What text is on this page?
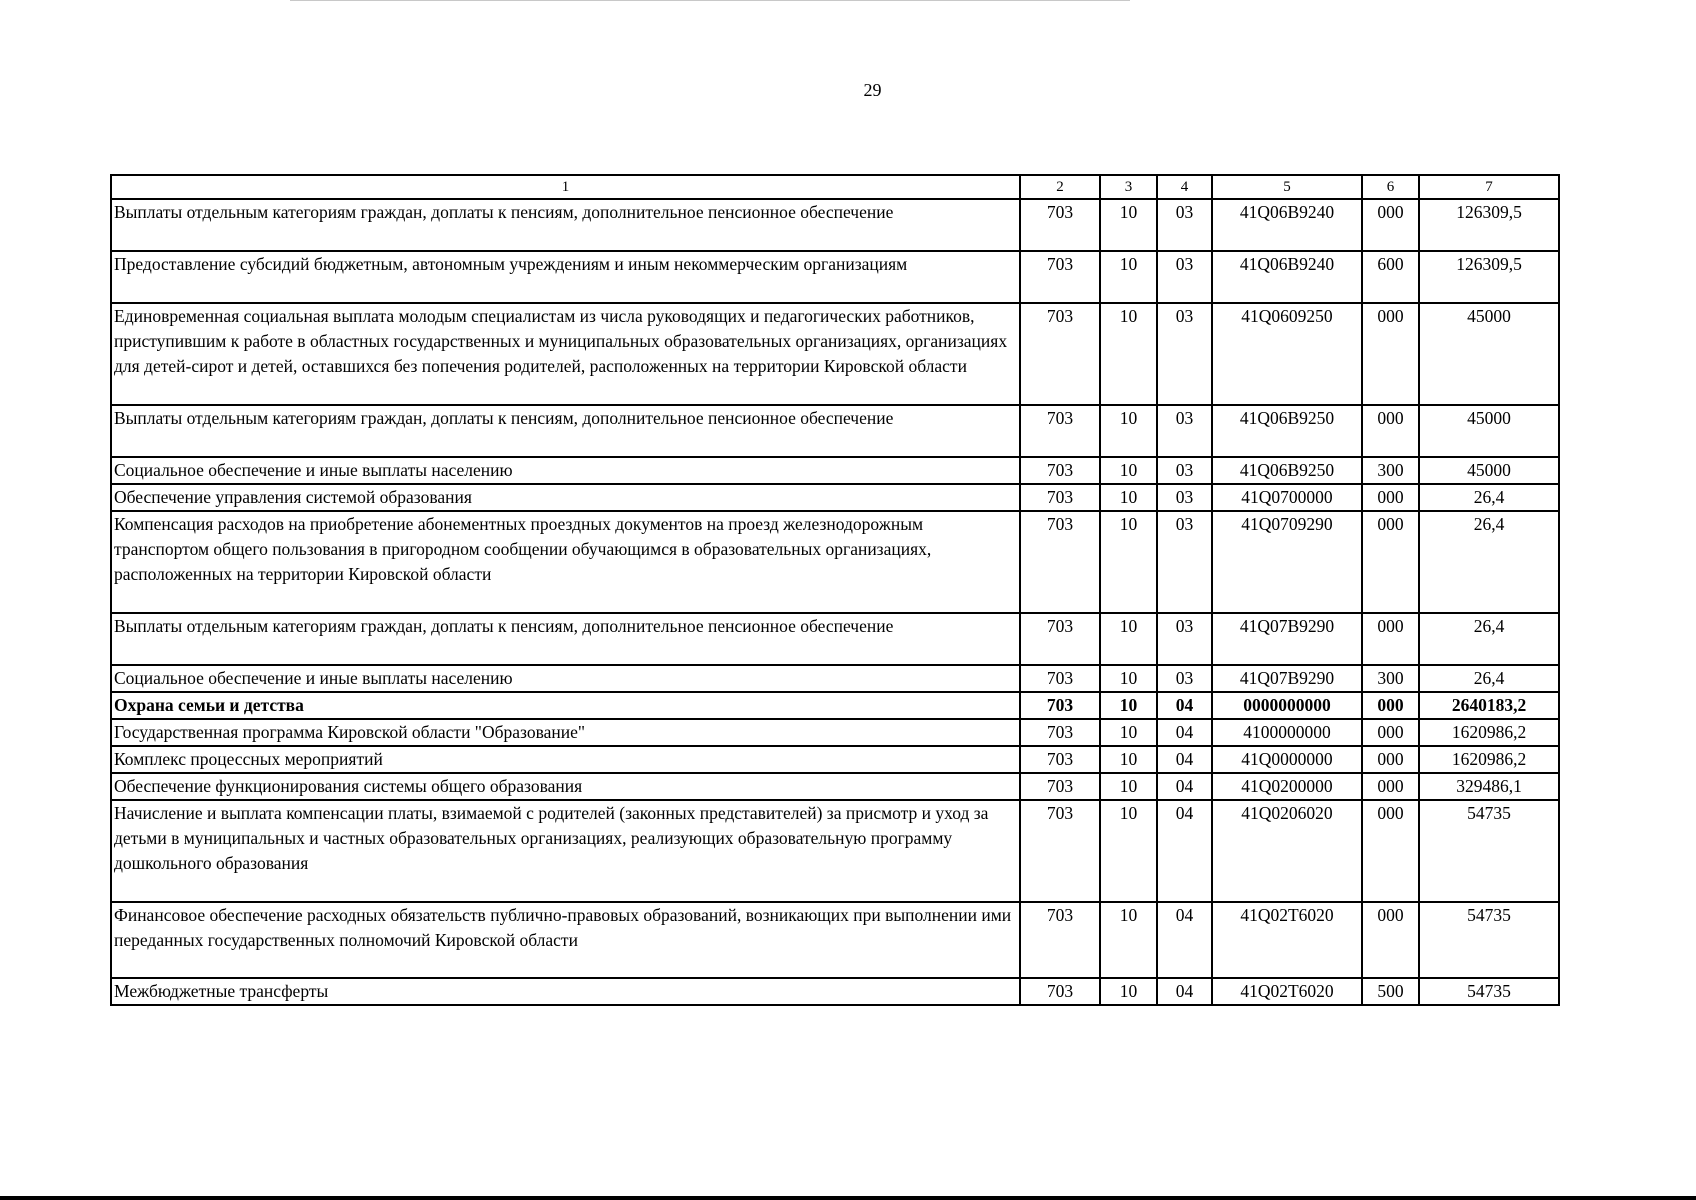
29
1	2	3	4	5	6	7
Выплаты отдельным категориям граждан, доплаты к пенсиям, дополнительное пенсионное обеспечение	703	10	03	41Q06B9240	000	126309,5
Предоставление субсидий бюджетным, автономным учреждениям и иным некоммерческим организациям	703	10	03	41Q06B9240	600	126309,5
Единовременная социальная выплата молодым специалистам из числа руководящих и педагогических работников, приступившим к работе в областных государственных и муниципальных образовательных организациях, организациях для детей-сирот и детей, оставшихся без попечения родителей, расположенных на территории Кировской области	703	10	03	41Q0609250	000	45000
Выплаты отдельным категориям граждан, доплаты к пенсиям, дополнительное пенсионное обеспечение	703	10	03	41Q06B9250	000	45000
Социальное обеспечение и иные выплаты населению	703	10	03	41Q06B9250	300	45000
Обеспечение управления системой образования	703	10	03	41Q0700000	000	26,4
Компенсация расходов на приобретение абонементных проездных документов на проезд железнодорожным транспортом общего пользования в пригородном сообщении обучающимся в образовательных организациях, расположенных на территории Кировской области	703	10	03	41Q0709290	000	26,4
Выплаты отдельным категориям граждан, доплаты к пенсиям, дополнительное пенсионное обеспечение	703	10	03	41Q07B9290	000	26,4
Социальное обеспечение и иные выплаты населению	703	10	03	41Q07B9290	300	26,4
Охрана семьи и детства	703	10	04	0000000000	000	2640183,2
Государственная программа Кировской области "Образование"	703	10	04	4100000000	000	1620986,2
Комплекс процессных мероприятий	703	10	04	41Q0000000	000	1620986,2
Обеспечение функционирования системы общего образования	703	10	04	41Q0200000	000	329486,1
Начисление и выплата компенсации платы, взимаемой с родителей (законных представителей) за присмотр и уход за детьми в муниципальных и частных образовательных организациях, реализующих образовательную программу дошкольного образования	703	10	04	41Q0206020	000	54735
Финансовое обеспечение расходных обязательств публично-правовых образований, возникающих при выполнении ими переданных государственных полномочий Кировской области	703	10	04	41Q02T6020	000	54735
Межбюджетные трансферты	703	10	04	41Q02T6020	500	54735
